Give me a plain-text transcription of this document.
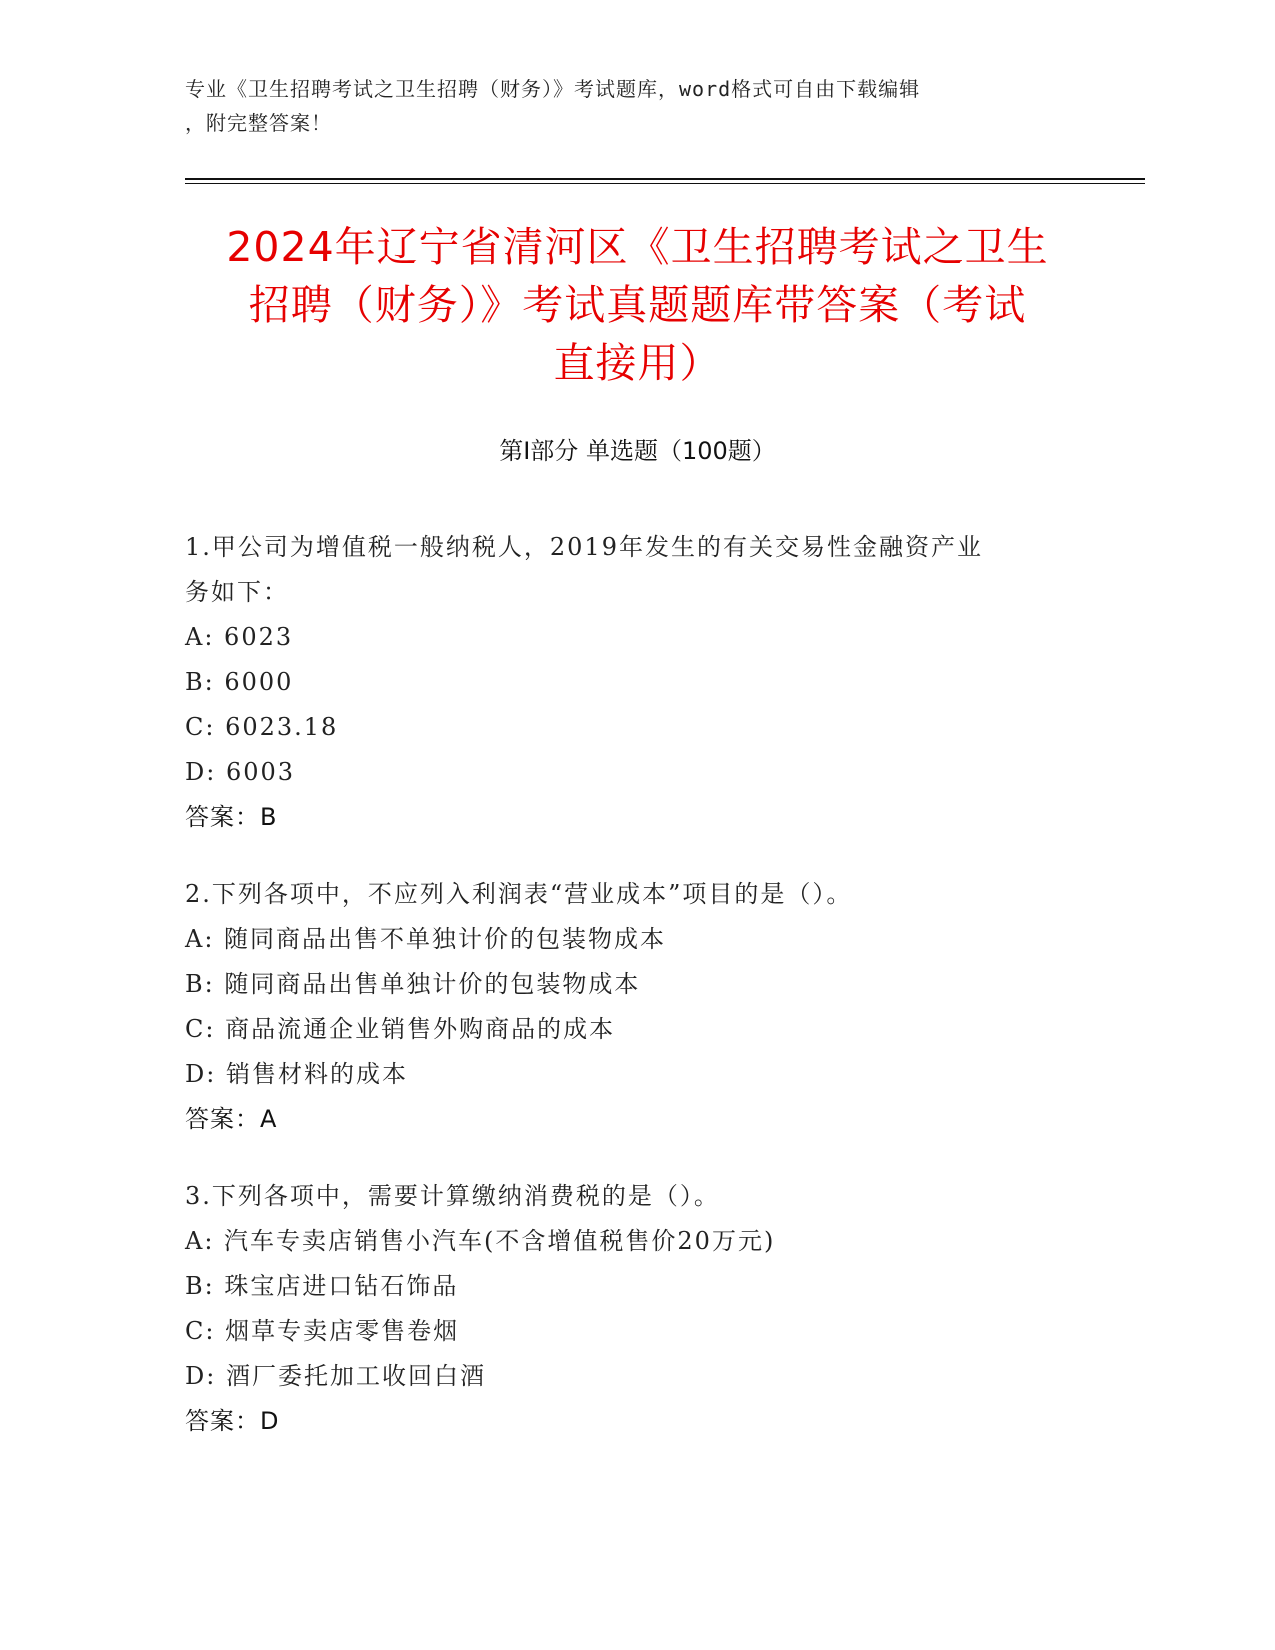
专业《卫生招聘考试之卫生招聘（财务）》考试题库，word格式可自由下载编辑
，附完整答案！
2024年辽宁省清河区《卫生招聘考试之卫生
招聘（财务）》考试真题题库带答案（考试
直接用）
第Ⅰ部分 单选题（100题）
1.甲公司为增值税一般纳税人，2019年发生的有关交易性金融资产业
务如下：
A: 6023
B: 6000
C: 6023.18
D: 6003
答案：B
2.下列各项中，不应列入利润表“营业成本”项目的是（）。
A: 随同商品出售不单独计价的包装物成本
B: 随同商品出售单独计价的包装物成本
C: 商品流通企业销售外购商品的成本
D: 销售材料的成本
答案：A
3.下列各项中，需要计算缴纳消费税的是（）。
A: 汽车专卖店销售小汽车(不含增值税售价20万元)
B: 珠宝店进口钻石饰品
C: 烟草专卖店零售卷烟
D: 酒厂委托加工收回白酒
答案：D
